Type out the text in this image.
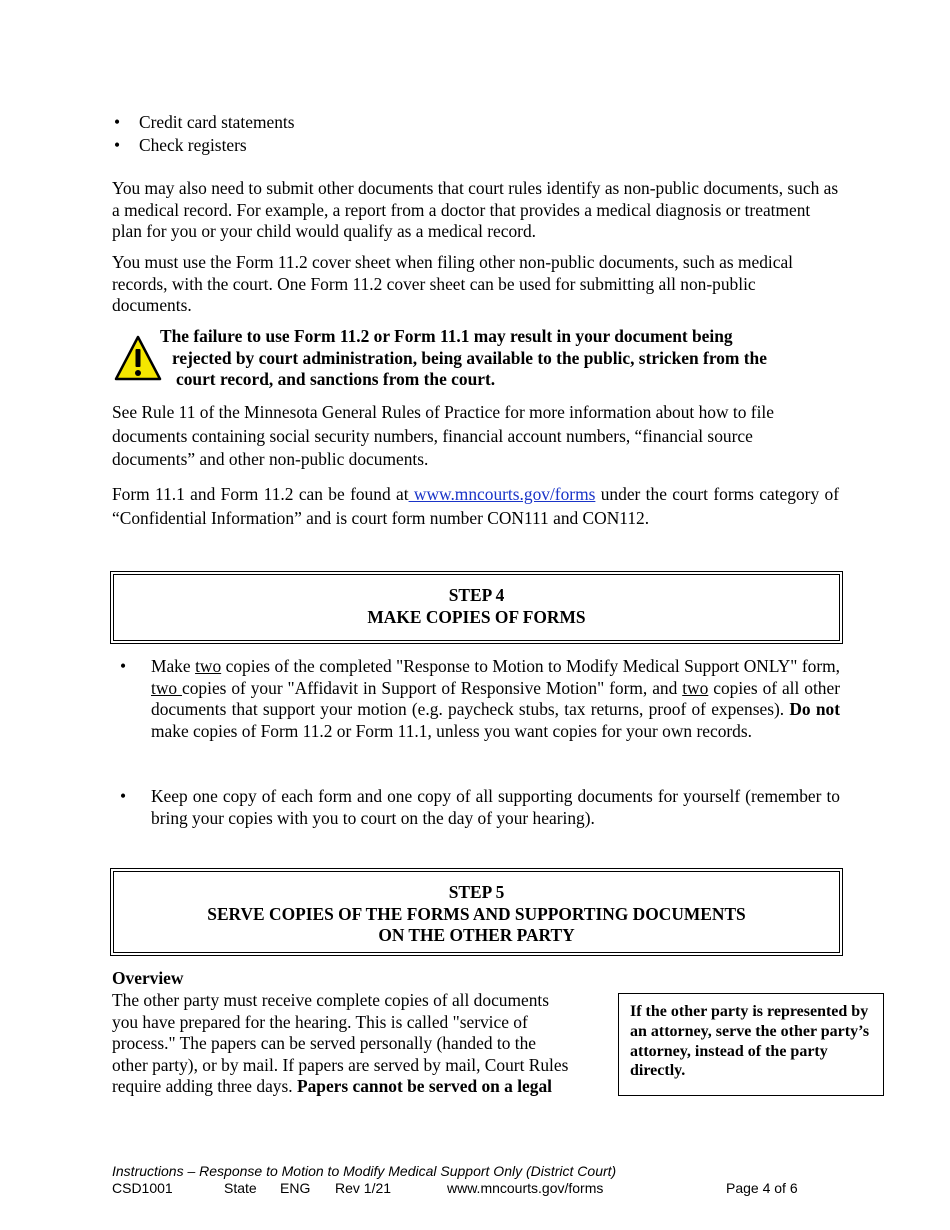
• Credit card statements
• Check registers

You may also need to submit other documents that court rules identify as non-public documents, such as a medical record. For example, a report from a doctor that provides a medical diagnosis or treatment plan for you or your child would qualify as a medical record.

You must use the Form 11.2 cover sheet when filing other non-public documents, such as medical records, with the court. One Form 11.2 cover sheet can be used for submitting all non-public documents.

The failure to use Form 11.2 or Form 11.1 may result in your document being
rejected by court administration, being available to the public, stricken from the
court record, and sanctions from the court.

See Rule 11 of the Minnesota General Rules of Practice for more information about how to file documents containing social security numbers, financial account numbers, “financial source documents” and other non-public documents.

Form 11.1 and Form 11.2 can be found at www.mncourts.gov/forms under the court forms category of “Confidential Information” and is court form number CON111 and CON112.

STEP 4
MAKE COPIES OF FORMS
• Make two copies of the completed "Response to Motion to Modify Medical Support ONLY" form, two copies of your "Affidavit in Support of Responsive Motion" form, and two copies of all other documents that support your motion (e.g. paycheck stubs, tax returns, proof of expenses). Do not make copies of Form 11.2 or Form 11.1, unless you want copies for your own records.
• Keep one copy of each form and one copy of all supporting documents for yourself (remember to bring your copies with you to court on the day of your hearing).
STEP 5
SERVE COPIES OF THE FORMS AND SUPPORTING DOCUMENTS
ON THE OTHER PARTY
Overview
The other party must receive complete copies of all documents
you have prepared for the hearing. This is called "service of
process." The papers can be served personally (handed to the
other party), or by mail. If papers are served by mail, Court Rules
require adding three days. Papers cannot be served on a legal
If the other party is represented by an attorney, serve the other party’s attorney, instead of the party directly.
Instructions – Response to Motion to Modify Medical Support Only (District Court)
CSD1001	State ENG Rev 1/21	www.mncourts.gov/forms	Page 4 of 6
